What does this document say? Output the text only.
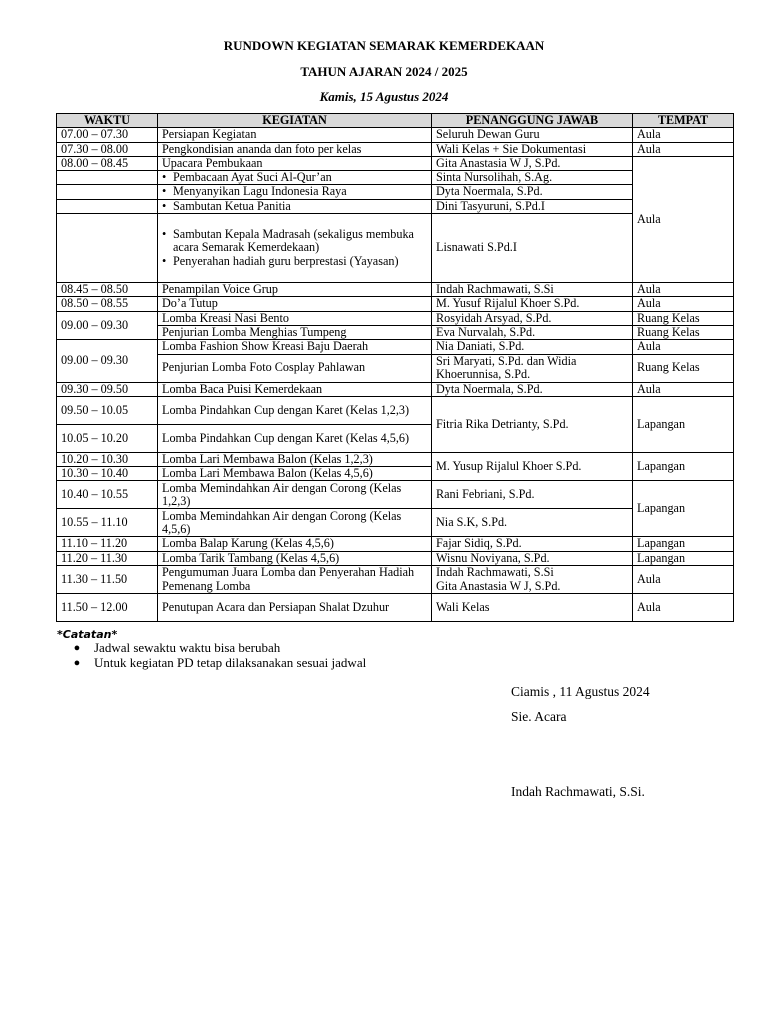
RUNDOWN KEGIATAN SEMARAK KEMERDEKAAN
TAHUN AJARAN 2024 / 2025
Kamis, 15 Agustus 2024
WAKTU	KEGIATAN	PENANGGUNG JAWAB	TEMPAT
07.00 – 07.30	Persiapan Kegiatan	Seluruh Dewan Guru	Aula
07.30 – 08.00	Pengkondisian ananda dan foto per kelas	Wali Kelas + Sie Dokumentasi	Aula
08.00 – 08.45	Upacara Pembukaan	Gita Anastasia W J, S.Pd.	Aula

	• Pembacaan Ayat Suci Al-Qur’an	Sinta Nursolihah, S.Ag.	

	• Menyanyikan Lagu Indonesia Raya	Dyta Noermala, S.Pd.	

	• Sambutan Ketua Panitia	Dini Tasyuruni, S.Pd.I	

	• Sambutan Kepala Madrasah (sekaligus membuka acara Semarak Kemerdekaan)
• Penyerahan hadiah guru berprestasi (Yayasan)	Lisnawati S.Pd.I	
08.45 – 08.50	Penampilan Voice Grup	Indah Rachmawati, S.Si	Aula
08.50 – 08.55	Do’a Tutup	M. Yusuf Rijalul Khoer S.Pd.	Aula
09.00 – 09.30	Lomba Kreasi Nasi Bento	Rosyidah Arsyad, S.Pd.	Ruang Kelas
	Penjurian Lomba Menghias Tumpeng	Eva Nurvalah, S.Pd.	Ruang Kelas
09.00 – 09.30	Lomba Fashion Show Kreasi Baju Daerah	Nia Daniati, S.Pd.	Aula
	Penjurian Lomba Foto Cosplay Pahlawan	Sri Maryati, S.Pd. dan Widia Khoerunnisa, S.Pd.	Ruang Kelas
09.30 – 09.50	Lomba Baca Puisi Kemerdekaan	Dyta Noermala, S.Pd.	Aula
09.50 – 10.05	Lomba Pindahkan Cup dengan Karet (Kelas 1,2,3)	Fitria Rika Detrianty, S.Pd.	Lapangan
10.05 – 10.20	Lomba Pindahkan Cup dengan Karet (Kelas 4,5,6)		
10.20 – 10.30	Lomba Lari Membawa Balon (Kelas 1,2,3)	M. Yusup Rijalul Khoer S.Pd.	Lapangan
10.30 – 10.40	Lomba Lari Membawa Balon (Kelas 4,5,6)		
10.40 – 10.55	Lomba Memindahkan Air dengan Corong (Kelas 1,2,3)	Rani Febriani, S.Pd.	Lapangan
10.55 – 11.10	Lomba Memindahkan Air dengan Corong (Kelas 4,5,6)	Nia S.K, S.Pd.	
11.10 – 11.20	Lomba Balap Karung (Kelas 4,5,6)	Fajar Sidiq, S.Pd.	Lapangan
11.20 – 11.30	Lomba Tarik Tambang (Kelas 4,5,6)	Wisnu Noviyana, S.Pd.	Lapangan
11.30 – 11.50	Pengumuman Juara Lomba dan Penyerahan Hadiah Pemenang Lomba	Indah Rachmawati, S.Si
Gita Anastasia W J, S.Pd.	Aula
11.50 – 12.00	Penutupan Acara dan Persiapan Shalat Dzuhur	Wali Kelas	Aula
*Catatan*
●	Jadwal sewaktu waktu bisa berubah
●	Untuk kegiatan PD tetap dilaksanakan sesuai jadwal
Ciamis , 11 Agustus 2024
Sie. Acara
Indah Rachmawati, S.Si.
